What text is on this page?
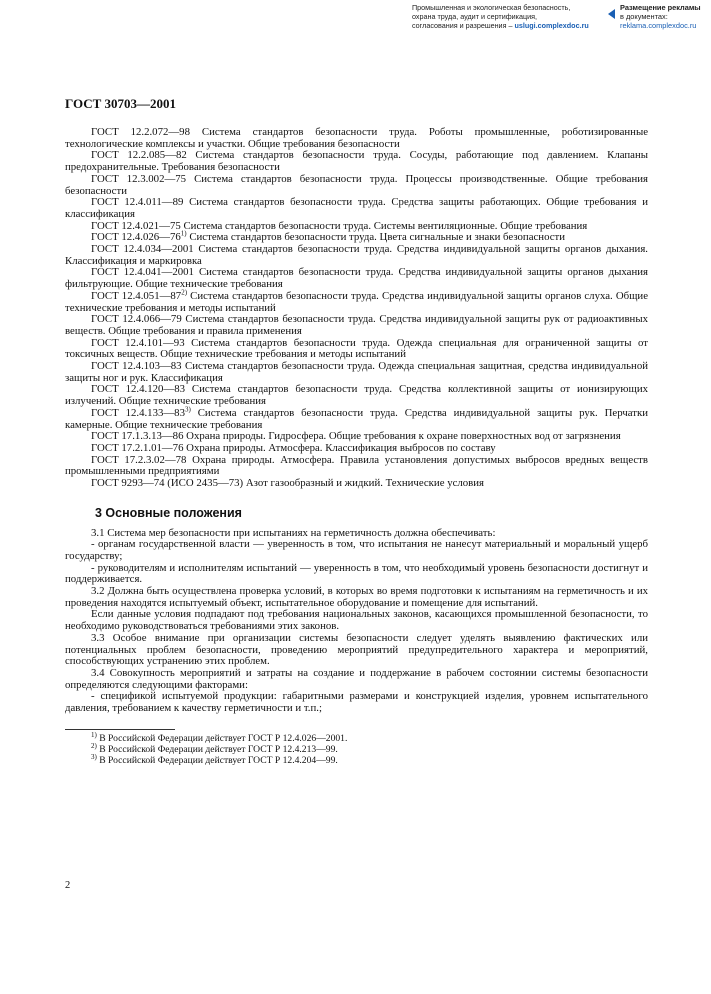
Промышленная и экологическая безопасность,
охрана труда, аудит и сертификация,
согласования и разрешения – uslugi.complexdoc.ru
Размещение рекламы
в документах:
reklama.complexdoc.ru
ГОСТ 30703—2001

ГОСТ 12.2.072—98 Система стандартов безопасности труда. Роботы промышленные, роботизированные технологические комплексы и участки. Общие требования безопасности

ГОСТ 12.2.085—82 Система стандартов безопасности труда. Сосуды, работающие под давлением. Клапаны предохранительные. Требования безопасности

ГОСТ 12.3.002—75 Система стандартов безопасности труда. Процессы производственные. Общие требования безопасности

ГОСТ 12.4.011—89 Система стандартов безопасности труда. Средства защиты работающих. Общие требования и классификация

ГОСТ 12.4.021—75 Система стандартов безопасности труда. Системы вентиляционные. Общие требования

ГОСТ 12.4.026—76$^{1)}$ Система стандартов безопасности труда. Цвета сигнальные и знаки безопасности

ГОСТ 12.4.034—2001 Система стандартов безопасности труда. Средства индивидуальной защиты органов дыхания. Классификация и маркировка

ГОСТ 12.4.041—2001 Система стандартов безопасности труда. Средства индивидуальной защиты органов дыхания фильтрующие. Общие технические требования

ГОСТ 12.4.051—87$^{2)}$ Система стандартов безопасности труда. Средства индивидуальной защиты органов слуха. Общие технические требования и методы испытаний

ГОСТ 12.4.066—79 Система стандартов безопасности труда. Средства индивидуальной защиты рук от радиоактивных веществ. Общие требования и правила применения

ГОСТ 12.4.101—93 Система стандартов безопасности труда. Одежда специальная для ограниченной защиты от токсичных веществ. Общие технические требования и методы испытаний

ГОСТ 12.4.103—83 Система стандартов безопасности труда. Одежда специальная защитная, средства индивидуальной защиты ног и рук. Классификация

ГОСТ 12.4.120—83 Система стандартов безопасности труда. Средства коллективной защиты от ионизирующих излучений. Общие технические требования

ГОСТ 12.4.133—83$^{3)}$ Система стандартов безопасности труда. Средства индивидуальной защиты рук. Перчатки камерные. Общие технические требования

ГОСТ 17.1.3.13—86 Охрана природы. Гидросфера. Общие требования к охране поверхностных вод от загрязнения

ГОСТ 17.2.1.01—76 Охрана природы. Атмосфера. Классификация выбросов по составу

ГОСТ 17.2.3.02—78 Охрана природы. Атмосфера. Правила установления допустимых выбросов вредных веществ промышленными предприятиями

ГОСТ 9293—74 (ИСО 2435—73) Азот газообразный и жидкий. Технические условия

3 Основные положения

3.1 Система мер безопасности при испытаниях на герметичность должна обеспечивать:

- органам государственной власти — уверенность в том, что испытания не нанесут материальный и моральный ущерб государству;

- руководителям и исполнителям испытаний — уверенность в том, что необходимый уровень безопасности достигнут и поддерживается.

3.2 Должна быть осуществлена проверка условий, в которых во время подготовки к испытаниям на герметичность и их проведения находятся испытуемый объект, испытательное оборудование и помещение для испытаний.

Если данные условия подпадают под требования национальных законов, касающихся промышленной безопасности, то необходимо руководствоваться требованиями этих законов.

3.3 Особое внимание при организации системы безопасности следует уделять выявлению фактических или потенциальных проблем безопасности, проведению мероприятий предупредительного характера и мероприятий, способствующих устранению этих проблем.

3.4 Совокупность мероприятий и затраты на создание и поддержание в рабочем состоянии системы безопасности определяются следующими факторами:

- спецификой испытуемой продукции: габаритными размерами и конструкцией изделия, уровнем испытательного давления, требованием к качеству герметичности и т.п.;

$^{1)}$ В Российской Федерации действует ГОСТ Р 12.4.026—2001.

$^{2)}$ В Российской Федерации действует ГОСТ Р 12.4.213—99.

$^{3)}$ В Российской Федерации действует ГОСТ Р 12.4.204—99.

2
